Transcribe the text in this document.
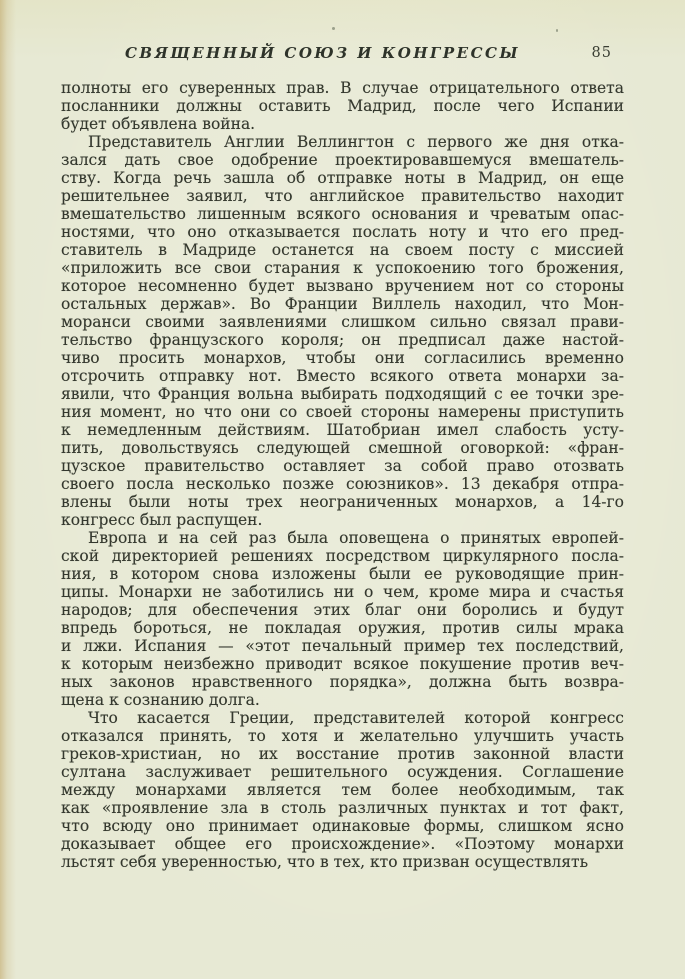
СВЯЩЕННЫЙ СОЮЗ И КОНГРЕССЫ	85
полноты его суверенных прав. В случае отрицательного ответа
посланники должны оставить Мадрид, после чего Испании
будет объявлена война.
Представитель Англии Веллингтон с первого же дня отка-
зался дать свое одобрение проектировавшемуся вмешатель-
ству. Когда речь зашла об отправке ноты в Мадрид, он еще
решительнее заявил, что английское правительство находит
вмешательство лишенным всякого основания и чреватым опас-
ностями, что оно отказывается послать ноту и что его пред-
ставитель в Мадриде останется на своем посту с миссией
«приложить все свои старания к успокоению того брожения,
которое несомненно будет вызвано вручением нот со стороны
остальных держав». Во Франции Виллель находил, что Мон-
моранси своими заявлениями слишком сильно связал прави-
тельство французского короля; он предписал даже настой-
чиво просить монархов, чтобы они согласились временно
отсрочить отправку нот. Вместо всякого ответа монархи за-
явили, что Франция вольна выбирать подходящий с ее точки зре-
ния момент, но что они со своей стороны намерены приступить
к немедленным действиям. Шатобриан имел слабость усту-
пить, довольствуясь следующей смешной оговоркой: «фран-
цузское правительство оставляет за собой право отозвать
своего посла несколько позже союзников». 13 декабря отпра-
влены были ноты трех неограниченных монархов, а 14-го
конгресс был распущен.
Европа и на сей раз была оповещена о принятых европей-
ской директорией решениях посредством циркулярного посла-
ния, в котором снова изложены были ее руководящие прин-
ципы. Монархи не заботились ни о чем, кроме мира и счастья
народов; для обеспечения этих благ они боролись и будут
впредь бороться, не покладая оружия, против силы мрака
и лжи. Испания — «этот печальный пример тех последствий,
к которым неизбежно приводит всякое покушение против веч-
ных законов нравственного порядка», должна быть возвра-
щена к сознанию долга.
Что касается Греции, представителей которой конгресс
отказался принять, то хотя и желательно улучшить участь
греков-христиан, но их восстание против законной власти
султана заслуживает решительного осуждения. Соглашение
между монархами является тем более необходимым, так
как «проявление зла в столь различных пунктах и тот факт,
что всюду оно принимает одинаковые формы, слишком ясно
доказывает общее его происхождение». «Поэтому монархи
льстят себя уверенностью, что в тех, кто призван осуществлять
